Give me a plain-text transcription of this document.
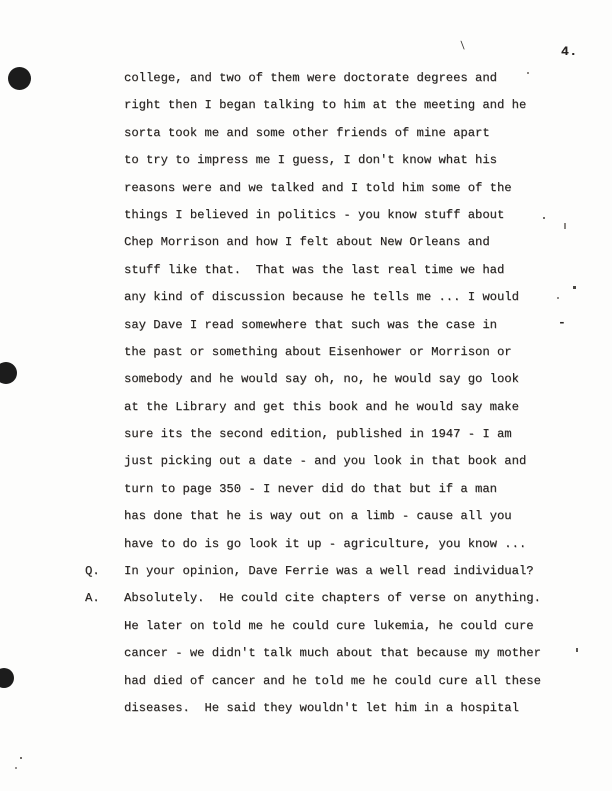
4.
\
-
college, and two of them were doctorate degrees and
right then I began talking to him at the meeting and he
sorta took me and some other friends of mine apart
to try to impress me I guess, I don't know what his
reasons were and we talked and I told him some of the
things I believed in politics - you know stuff about
Chep Morrison and how I felt about New Orleans and
stuff like that.  That was the last real time we had
any kind of discussion because he tells me ... I would
say Dave I read somewhere that such was the case in
the past or something about Eisenhower or Morrison or
somebody and he would say oh, no, he would say go look
at the Library and get this book and he would say make
sure its the second edition, published in 1947 - I am
just picking out a date - and you look in that book and
turn to page 350 - I never did do that but if a man
has done that he is way out on a limb - cause all you
have to do is go look it up - agriculture, you know ...
Q. In your opinion, Dave Ferrie was a well read individual?
A. Absolutely.  He could cite chapters of verse on anything.
He later on told me he could cure lukemia, he could cure
cancer - we didn't talk much about that because my mother
had died of cancer and he told me he could cure all these
diseases.  He said they wouldn't let him in a hospital
